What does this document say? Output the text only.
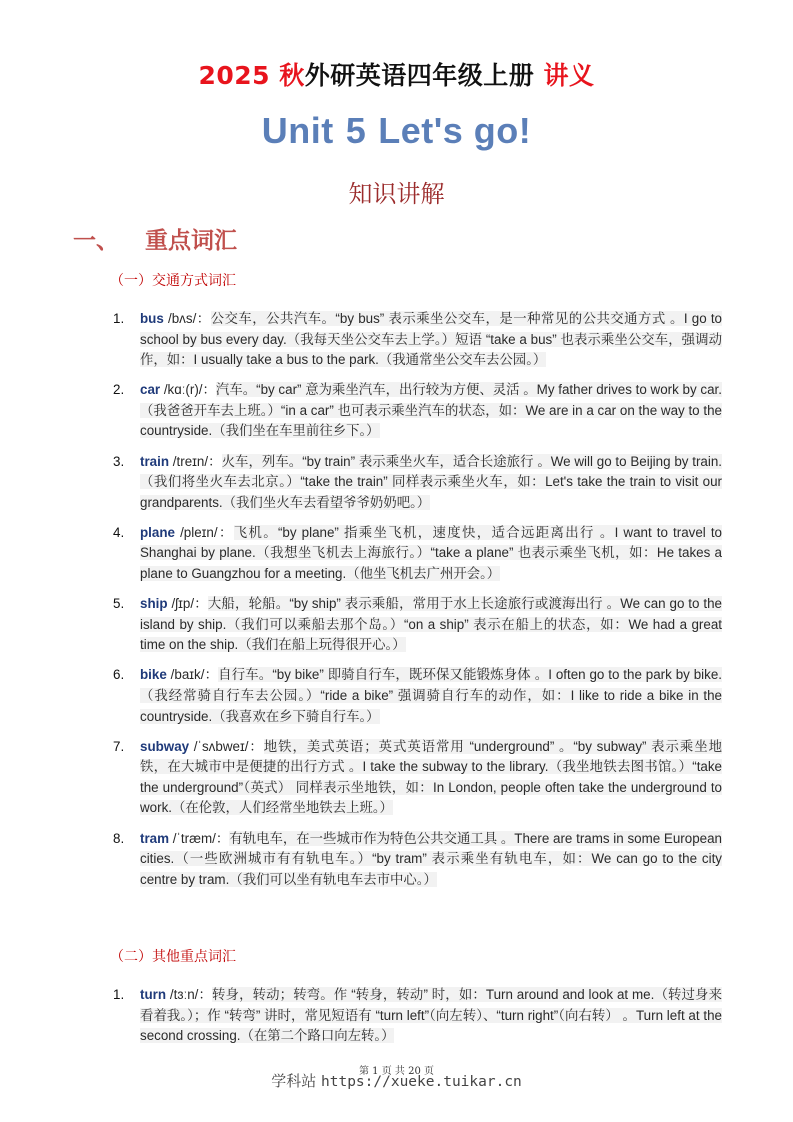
2025 秋外研英语四年级上册 讲义
Unit 5 Let's go!
知识讲解
一、 重点词汇
（一）交通方式词汇
1.	bus /bʌs/：公交车，公共汽车。“by bus” 表示乘坐公交车，是一种常见的公共交通方式 。I go to school by bus every day.（我每天坐公交车去上学。）短语 “take a bus” 也表示乘坐公交车，强调动作，如：I usually take a bus to the park.（我通常坐公交车去公园。）
2.	car /kɑː(r)/：汽车。“by car” 意为乘坐汽车，出行较为方便、灵活 。My father drives to work by car.（我爸爸开车去上班。）“in a car” 也可表示乘坐汽车的状态，如：We are in a car on the way to the countryside.（我们坐在车里前往乡下。）
3.	train /treɪn/：火车，列车。“by train” 表示乘坐火车，适合长途旅行 。We will go to Beijing by train.（我们将坐火车去北京。）“take the train” 同样表示乘坐火车，如：Let's take the train to visit our grandparents.（我们坐火车去看望爷爷奶奶吧。）
4.	plane /pleɪn/：飞机。“by plane” 指乘坐飞机，速度快，适合远距离出行 。I want to travel to Shanghai by plane.（我想坐飞机去上海旅行。）“take a plane” 也表示乘坐飞机，如：He takes a plane to Guangzhou for a meeting.（他坐飞机去广州开会。）
5.	ship /ʃɪp/：大船，轮船。“by ship” 表示乘船，常用于水上长途旅行或渡海出行 。We can go to the island by ship.（我们可以乘船去那个岛。）“on a ship” 表示在船上的状态，如：We had a great time on the ship.（我们在船上玩得很开心。）
6.	bike /baɪk/：自行车。“by bike” 即骑自行车，既环保又能锻炼身体 。I often go to the park by bike.（我经常骑自行车去公园。）“ride a bike” 强调骑自行车的动作，如：I like to ride a bike in the countryside.（我喜欢在乡下骑自行车。）
7.	subway /ˈsʌbweɪ/：地铁，美式英语；英式英语常用 “underground” 。“by subway” 表示乘坐地铁，在大城市中是便捷的出行方式 。I take the subway to the library.（我坐地铁去图书馆。）“take the underground”（英式） 同样表示坐地铁，如：In London, people often take the underground to work.（在伦敦，人们经常坐地铁去上班。）
8.	tram /ˈtræm/：有轨电车，在一些城市作为特色公共交通工具 。There are trams in some European cities.（一些欧洲城市有有轨电车。）“by tram” 表示乘坐有轨电车，如：We can go to the city centre by tram.（我们可以坐有轨电车去市中心。）
（二）其他重点词汇
1.	turn /tɜːn/：转身，转动；转弯。作 “转身，转动” 时，如：Turn around and look at me.（转过身来看着我。）；作 “转弯” 讲时，常见短语有 “turn left”（向左转）、“turn right”（向右转） 。Turn left at the second crossing.（在第二个路口向左转。）
第 1 页 共 20 页
学科站 https://xueke.tuikar.cn
